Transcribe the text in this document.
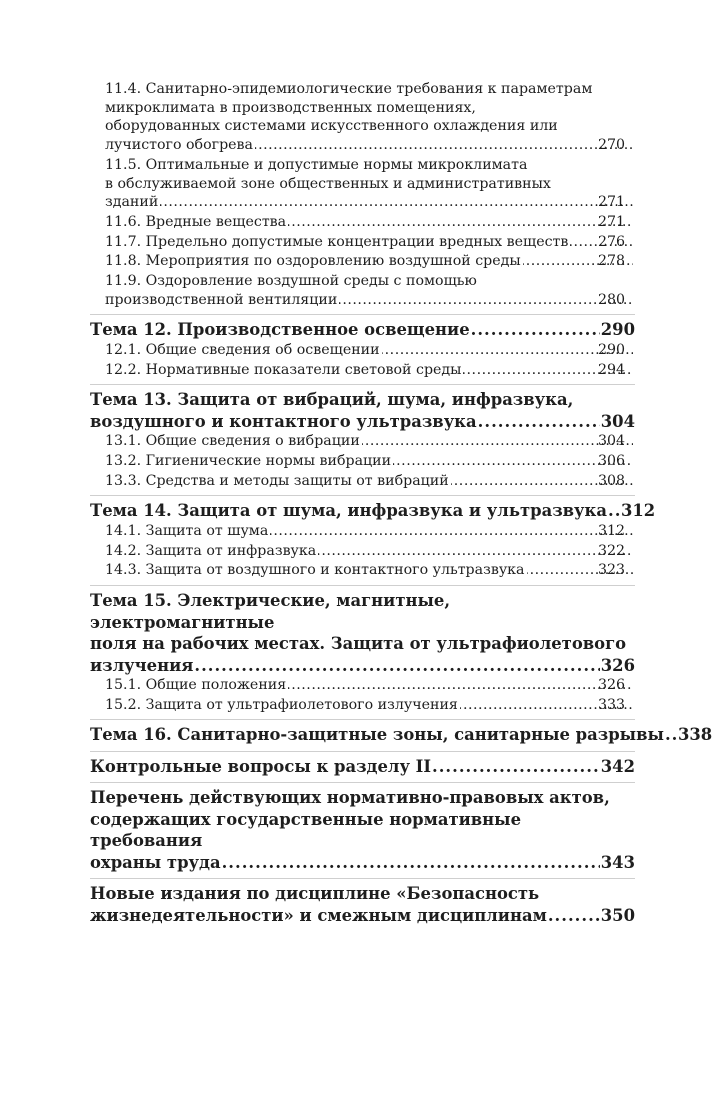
11.4. Санитарно-эпидемиологические требования к параметрам
микроклимата в производственных помещениях,
оборудованных системами искусственного охлаждения или
лучистого обогрева .....	270
11.5. Оптимальные и допустимые нормы микроклимата
в обслуживаемой зоне общественных и административных
зданий .....	271
11.6. Вредные вещества .....	271
11.7. Предельно допустимые концентрации вредных веществ ..... 276
11.8. Мероприятия по оздоровлению воздушной среды .....	278
11.9. Оздоровление воздушной среды с помощью
производственной вентиляции .....	280
Тема 12. Производственное освещение .....	290
12.1. Общие сведения об освещении .....	290
12.2. Нормативные показатели световой среды .....	294
Тема 13. Защита от вибраций, шума, инфразвука,
воздушного и контактного ультразвука .....	304
13.1. Общие сведения о вибрации .....	304
13.2. Гигиенические нормы вибрации .....	306
13.3. Средства и методы защиты от вибраций .....	308
Тема 14. Защита от шума, инфразвука и ультразвука ..... 312
14.1. Защита от шума .....	312
14.2. Защита от инфразвука .....	322
14.3. Защита от воздушного и контактного ультразвука .....	323
Тема 15. Электрические, магнитные, электромагнитные
поля на рабочих местах. Защита от ультрафиолетового
излучения .....	326
15.1. Общие положения .....	326
15.2. Защита от ультрафиолетового излучения .....	333
Тема 16. Санитарно-защитные зоны, санитарные разрывы ..... 338
Контрольные вопросы к разделу II .....	342
Перечень действующих нормативно-правовых актов,
содержащих государственные нормативные требования
охраны труда .....	343
Новые издания по дисциплине «Безопасность
жизнедеятельности» и смежным дисциплинам .....	350
